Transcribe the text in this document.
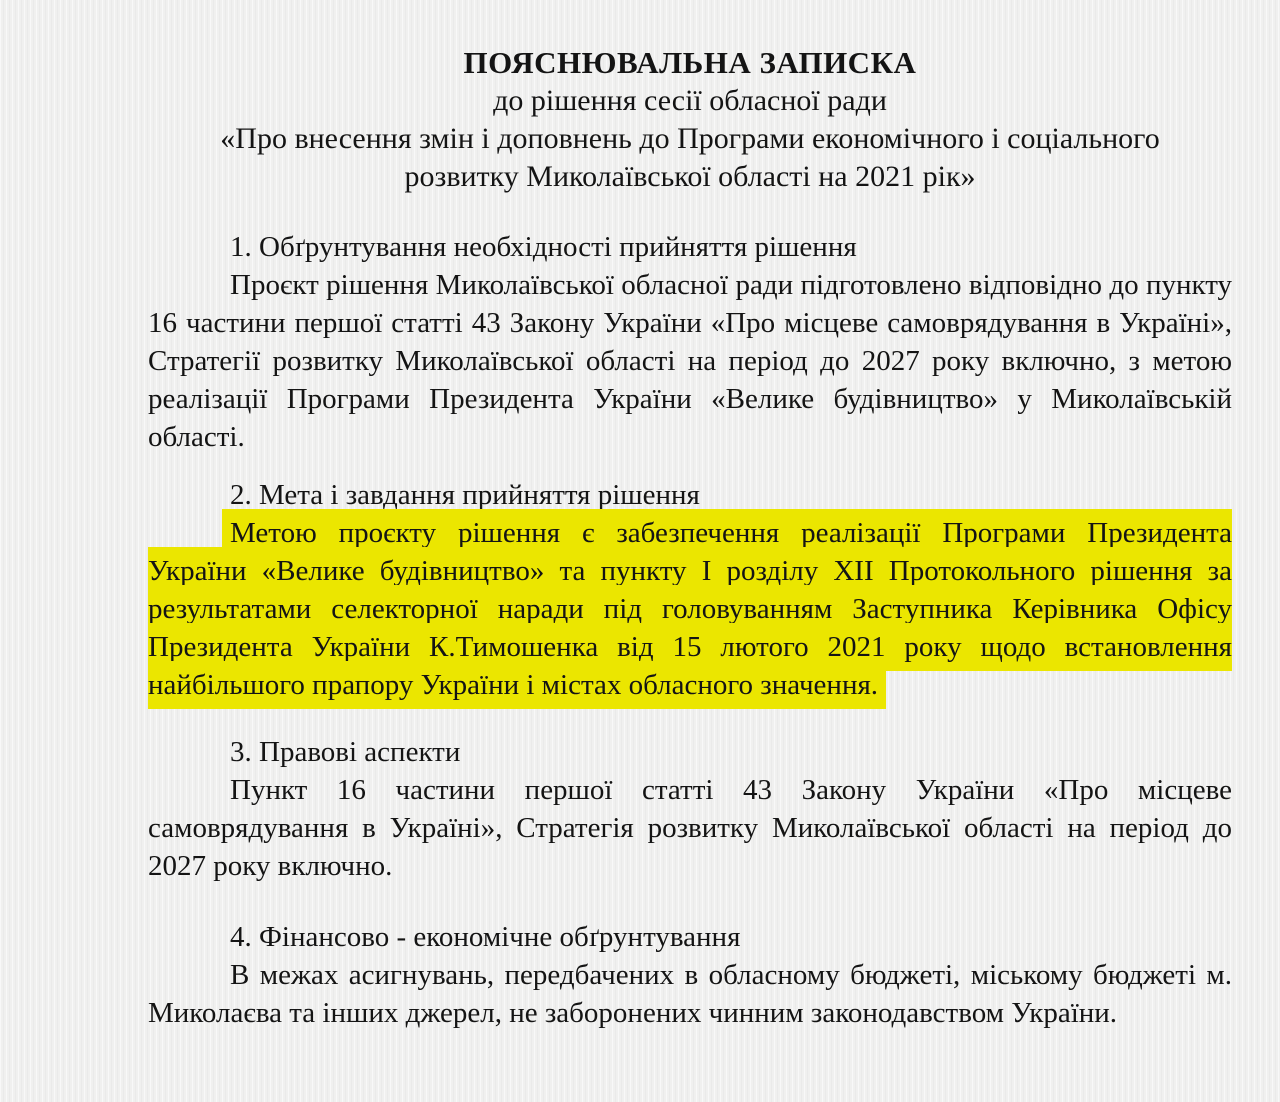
ПОЯСНЮВАЛЬНА ЗАПИСКА
до рішення сесії обласної ради
«Про внесення змін і доповнень до Програми економічного і соціального
розвитку Миколаївської області на 2021 рік»

1. Обґрунтування необхідності прийняття рішення

Проєкт рішення Миколаївської обласної ради підготовлено відповідно до пункту 16 частини першої статті 43 Закону України «Про місцеве самоврядування в Україні», Стратегії розвитку Миколаївської області на період до 2027 року включно, з метою реалізації Програми Президента України «Велике будівництво» у Миколаївській області.

2. Мета і завдання прийняття рішення

Метою проєкту рішення є забезпечення реалізації Програми Президента України «Велике будівництво» та пункту I розділу XII Протокольного рішення за результатами селекторної наради під головуванням Заступника Керівника Офісу Президента України К.Тимошенка від 15 лютого 2021 року щодо встановлення найбільшого прапору України і містах обласного значення.

3. Правові аспекти

Пункт 16 частини першої статті 43 Закону України «Про місцеве самоврядування в Україні», Стратегія розвитку Миколаївської області на період до 2027 року включно.

4. Фінансово - економічне обґрунтування

В межах асигнувань, передбачених в обласному бюджеті, міському бюджеті м. Миколаєва та інших джерел, не заборонених чинним законодавством України.
